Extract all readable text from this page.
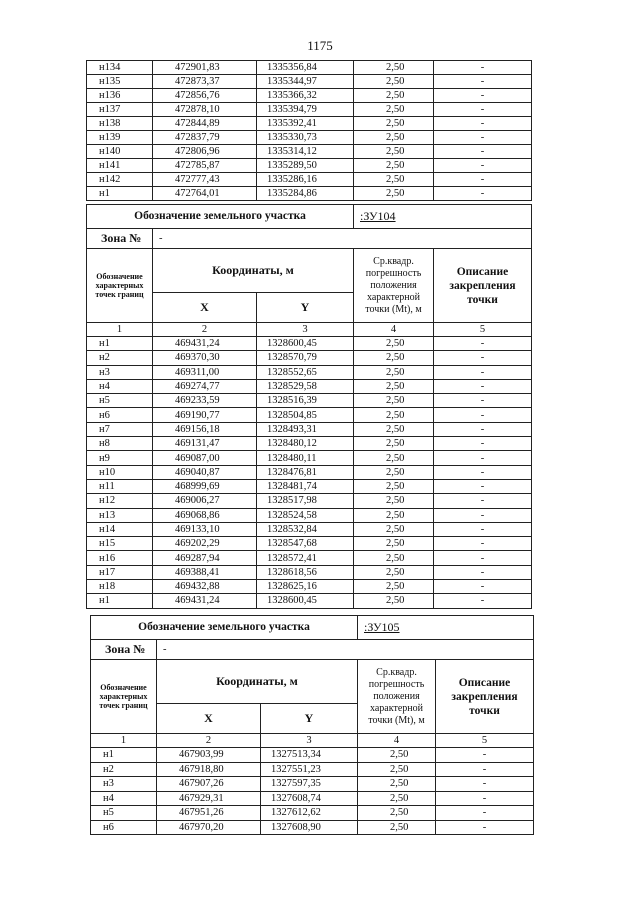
1175
н134	472901,83	1335356,84	2,50	-
н135	472873,37	1335344,97	2,50	-
н136	472856,76	1335366,32	2,50	-
н137	472878,10	1335394,79	2,50	-
н138	472844,89	1335392,41	2,50	-
н139	472837,79	1335330,73	2,50	-
н140	472806,96	1335314,12	2,50	-
н141	472785,87	1335289,50	2,50	-
н142	472777,43	1335286,16	2,50	-
н1	472764,01	1335284,86	2,50	-
Обозначение земельного участка			:ЗУ104	
Зона №	-			
Обозначение характерных точек границ	Координаты, м		Ср.квадр. погрешность положения характерной точки (Mt), м	Описание закрепления точки
	X	Y		
1	2	3	4	5
н1	469431,24	1328600,45	2,50	-
н2	469370,30	1328570,79	2,50	-
н3	469311,00	1328552,65	2,50	-
н4	469274,77	1328529,58	2,50	-
н5	469233,59	1328516,39	2,50	-
н6	469190,77	1328504,85	2,50	-
н7	469156,18	1328493,31	2,50	-
н8	469131,47	1328480,12	2,50	-
н9	469087,00	1328480,11	2,50	-
н10	469040,87	1328476,81	2,50	-
н11	468999,69	1328481,74	2,50	-
н12	469006,27	1328517,98	2,50	-
н13	469068,86	1328524,58	2,50	-
н14	469133,10	1328532,84	2,50	-
н15	469202,29	1328547,68	2,50	-
н16	469287,94	1328572,41	2,50	-
н17	469388,41	1328618,56	2,50	-
н18	469432,88	1328625,16	2,50	-
н1	469431,24	1328600,45	2,50	-
Обозначение земельного участка			:ЗУ105	
Зона №	-			
Обозначение характерных точек границ	Координаты, м		Ср.квадр. погрешность положения характерной точки (Mt), м	Описание закрепления точки
	X	Y		
1	2	3	4	5
н1	467903,99	1327513,34	2,50	-
н2	467918,80	1327551,23	2,50	-
н3	467907,26	1327597,35	2,50	-
н4	467929,31	1327608,74	2,50	-
н5	467951,26	1327612,62	2,50	-
н6	467970,20	1327608,90	2,50	-
